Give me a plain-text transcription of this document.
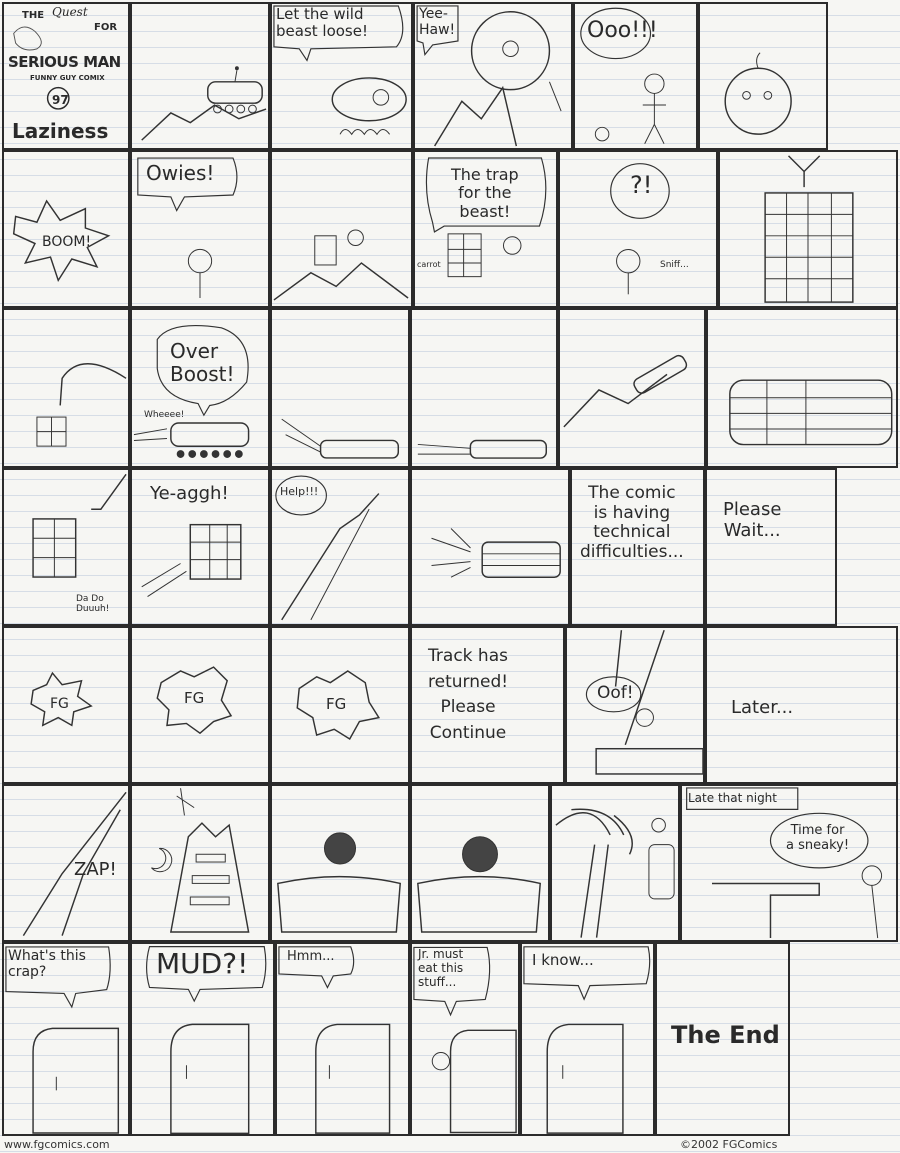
THE Quest
FOR
SERIOUS MAN
FUNNY GUY COMIX
97
Laziness
Let the wild
beast loose!
Yee-
Haw!	Ooo!!!
BOOM!
Owies!	The trap
for the
beast!
carrot
?!
Sniff...
Over
Boost!
Wheeee!
Da Do
Duuuh!
Ye-aggh!	Help!!!	The comic
is having
technical
difficulties...
Please
Wait...
FG	FG	FG
Track has
returned!
Please
Continue
Oof!
Later...
ZAP!
Late that night
Time for
a sneaky!
What's this
crap?	MUD?!	Hmm...	Jr. must
eat this
stuff...
I know...
The End
www.fgcomics.com	©2002 FGComics
